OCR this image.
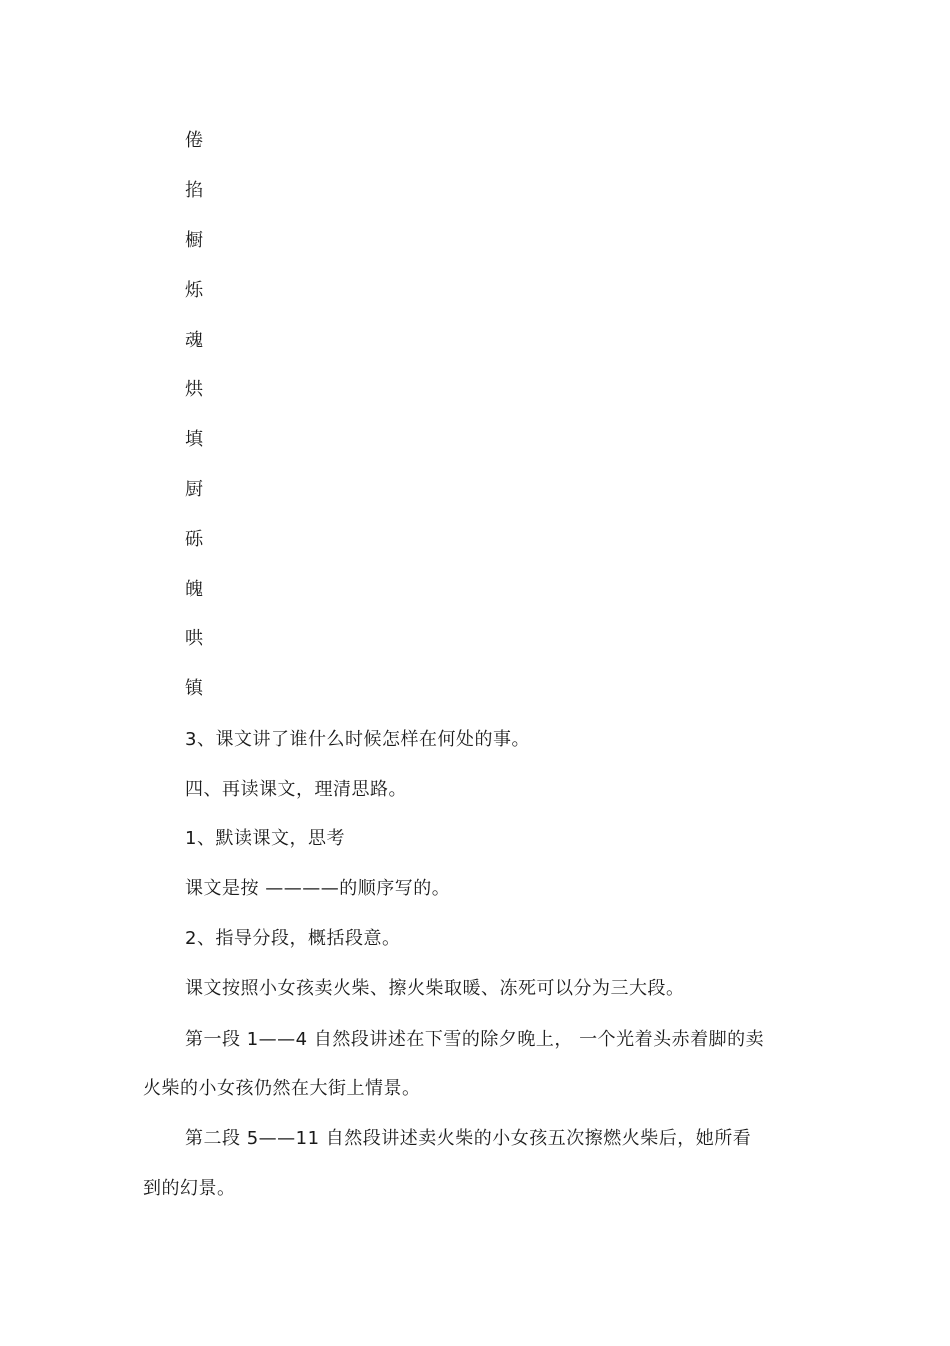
倦
掐
橱
烁
魂
烘
填
厨
砾
魄
哄
镇
3、课文讲了谁什么时候怎样在何处的事。
四、再读课文，理清思路。
1、默读课文，思考
课文是按 ————的顺序写的。
2、指导分段，概括段意。
课文按照小女孩卖火柴、擦火柴取暖、冻死可以分为三大段。
第一段 1——4 自然段讲述在下雪的除夕晚上， 一个光着头赤着脚的卖
火柴的小女孩仍然在大街上情景。
第二段 5——11 自然段讲述卖火柴的小女孩五次擦燃火柴后，她所看
到的幻景。
